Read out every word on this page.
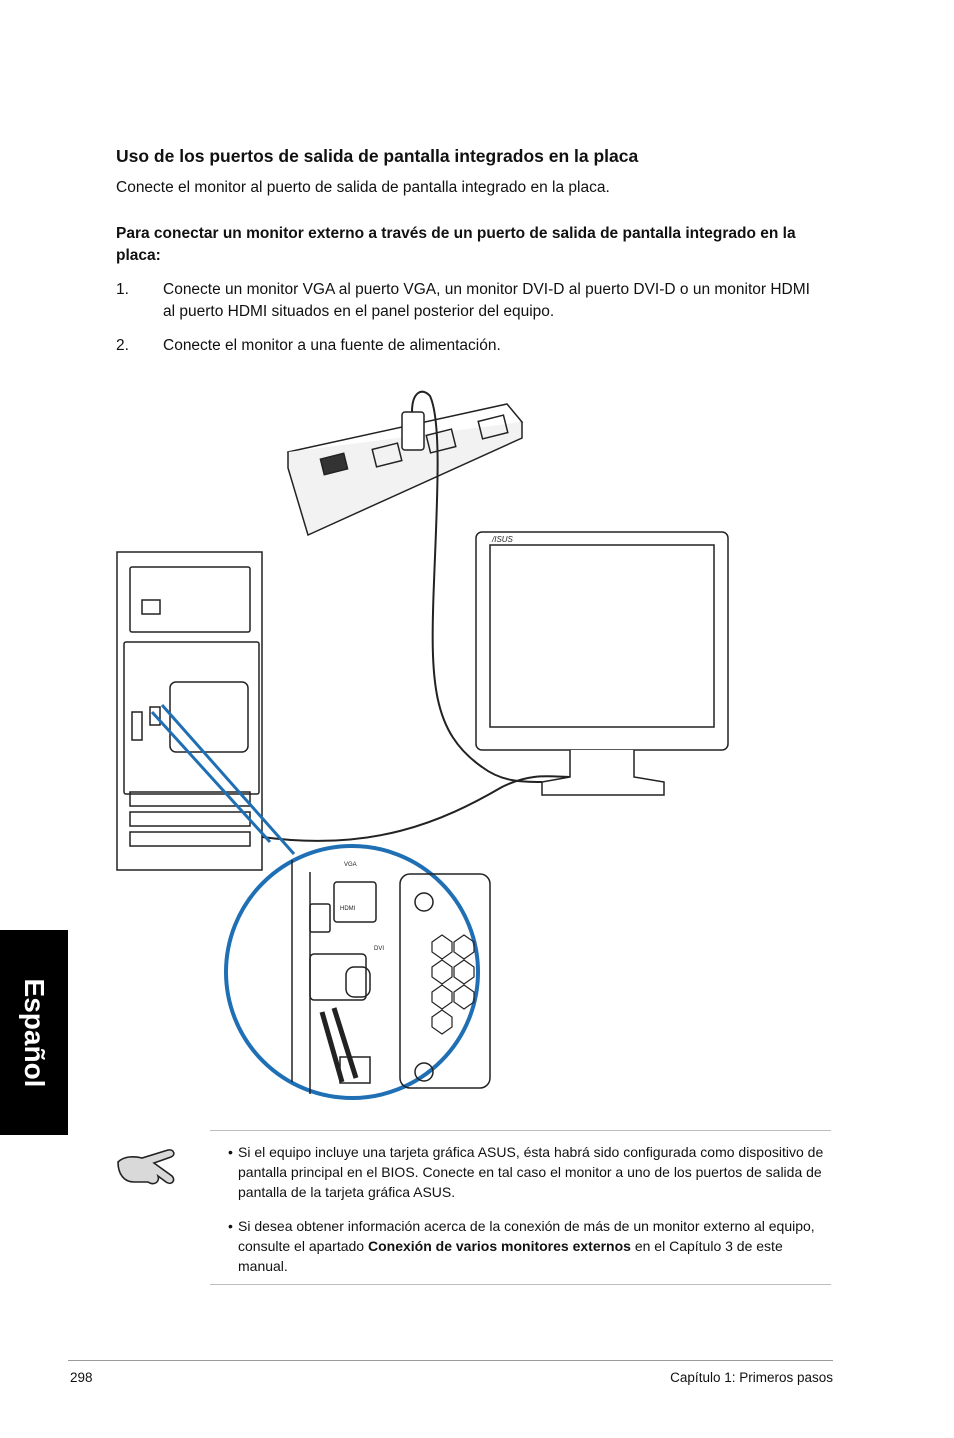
Uso de los puertos de salida de pantalla integrados en la placa
Conecte el monitor al puerto de salida de pantalla integrado en la placa.
Para conectar un monitor externo a través de un puerto de salida de pantalla integrado en la placa:
1. Conecte un monitor VGA al puerto VGA, un monitor DVI-D al puerto DVI-D o un monitor HDMI al puerto HDMI situados en el panel posterior del equipo.
2. Conecte el monitor a una fuente de alimentación.
/ISUS
HDMI
DVI
VGA
Español
• Si el equipo incluye una tarjeta gráfica ASUS, ésta habrá sido configurada como dispositivo de pantalla principal en el BIOS. Conecte en tal caso el monitor a uno de los puertos de salida de pantalla de la tarjeta gráfica ASUS.
• Si desea obtener información acerca de la conexión de más de un monitor externo al equipo, consulte el apartado Conexión de varios monitores externos en el Capítulo 3 de este manual.
298	Capítulo 1: Primeros pasos
